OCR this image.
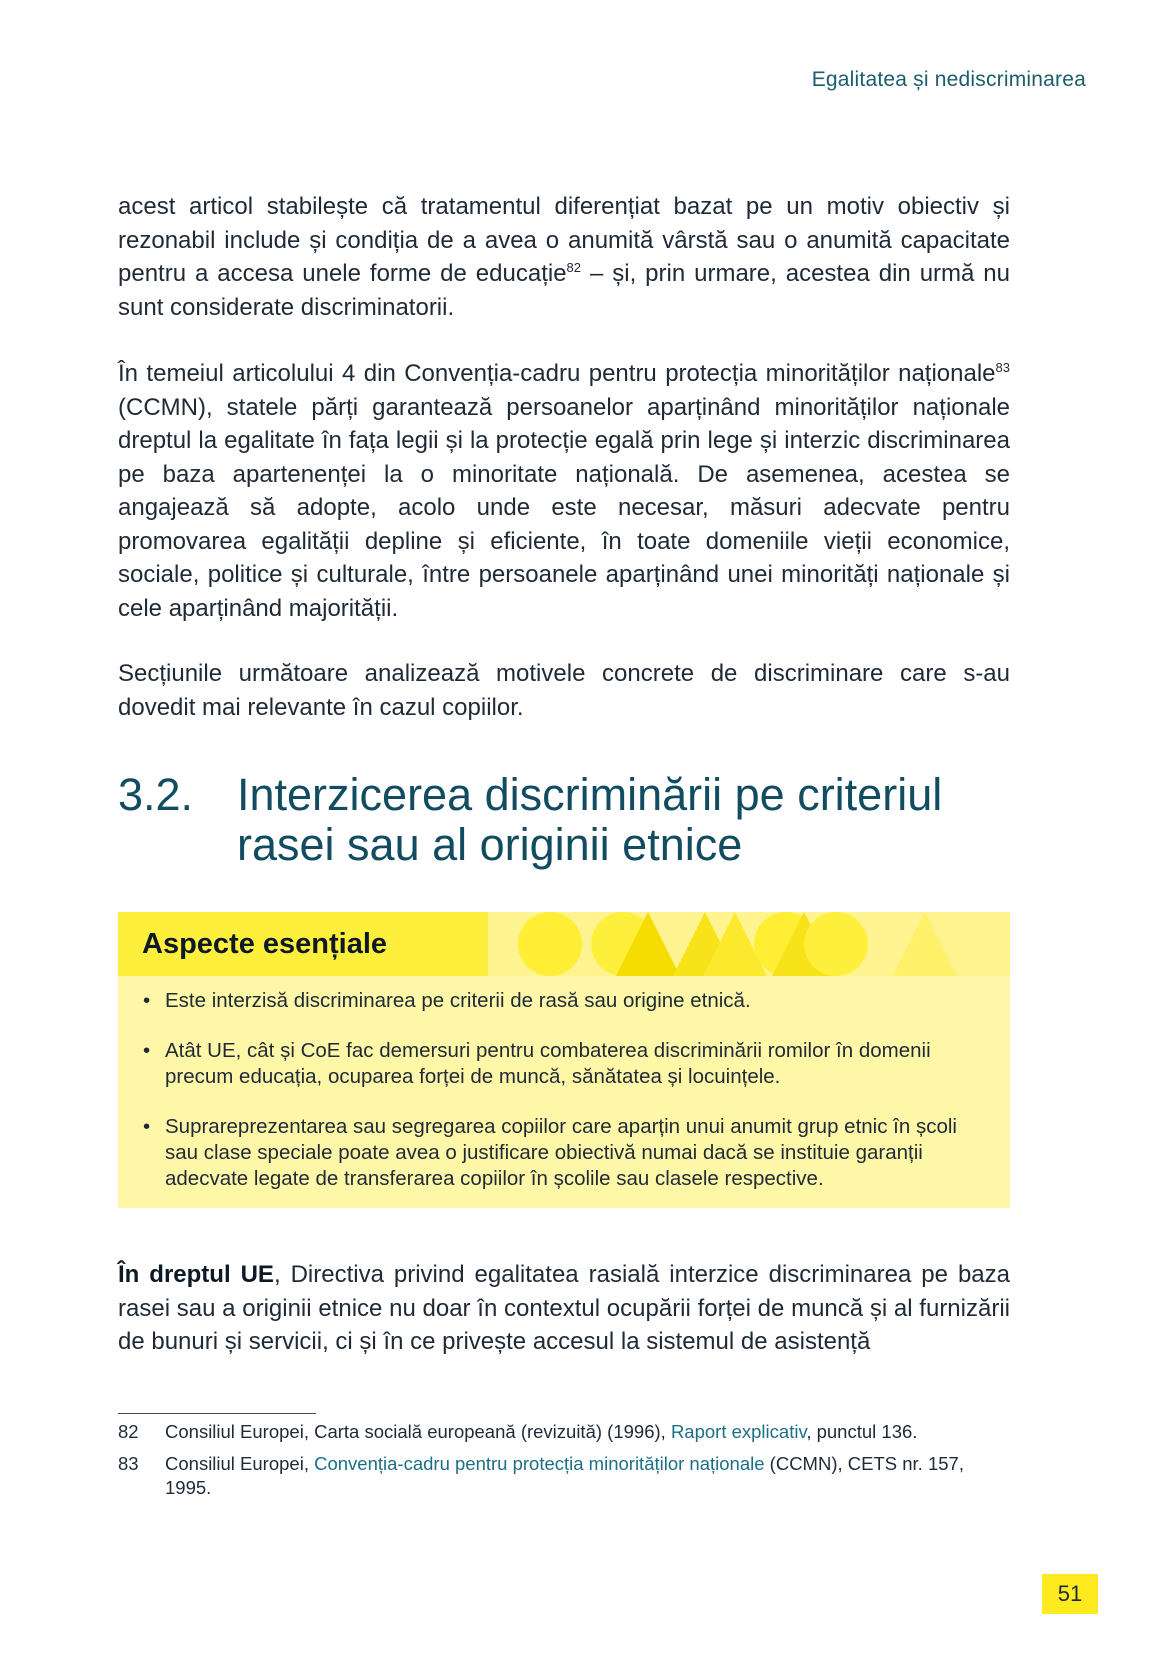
Egalitatea și nediscriminarea

acest articol stabilește că tratamentul diferențiat bazat pe un motiv obiectiv și rezonabil include și condiția de a avea o anumită vârstă sau o anumită capacitate pentru a accesa unele forme de educație$^{82}$ – și, prin urmare, acestea din urmă nu sunt considerate discriminatorii.

În temeiul articolului 4 din Convenția-cadru pentru protecția minorităților naționale$^{83}$ (CCMN), statele părți garantează persoanelor aparținând minorităților naționale dreptul la egalitate în fața legii și la protecție egală prin lege și interzic discriminarea pe baza apartenenței la o minoritate națională. De asemenea, acestea se angajează să adopte, acolo unde este necesar, măsuri adecvate pentru promovarea egalității depline și eficiente, în toate domeniile vieții economice, sociale, politice și culturale, între persoanele aparținând unei minorități naționale și cele aparținând majorității.

Secțiunile următoare analizează motivele concrete de discriminare care s-au dovedit mai relevante în cazul copiilor.

3.2. Interzicerea discriminării pe criteriul rasei sau al originii etnice
Aspecte esențiale
• Este interzisă discriminarea pe criterii de rasă sau origine etnică.
• Atât UE, cât și CoE fac demersuri pentru combaterea discriminării romilor în domenii precum educația, ocuparea forței de muncă, sănătatea și locuințele.
• Suprareprezentarea sau segregarea copiilor care aparțin unui anumit grup etnic în școli sau clase speciale poate avea o justificare obiectivă numai dacă se instituie garanții adecvate legate de transferarea copiilor în școlile sau clasele respective.

În dreptul UE, Directiva privind egalitatea rasială interzice discriminarea pe baza rasei sau a originii etnice nu doar în contextul ocupării forței de muncă și al furnizării de bunuri și servicii, ci și în ce privește accesul la sistemul de asistență

82	Consiliul Europei, Carta socială europeană (revizuită) (1996), Raport explicativ, punctul 136.
83	Consiliul Europei, Convenția-cadru pentru protecția minorităților naționale (CCMN), CETS nr. 157, 1995.
51
